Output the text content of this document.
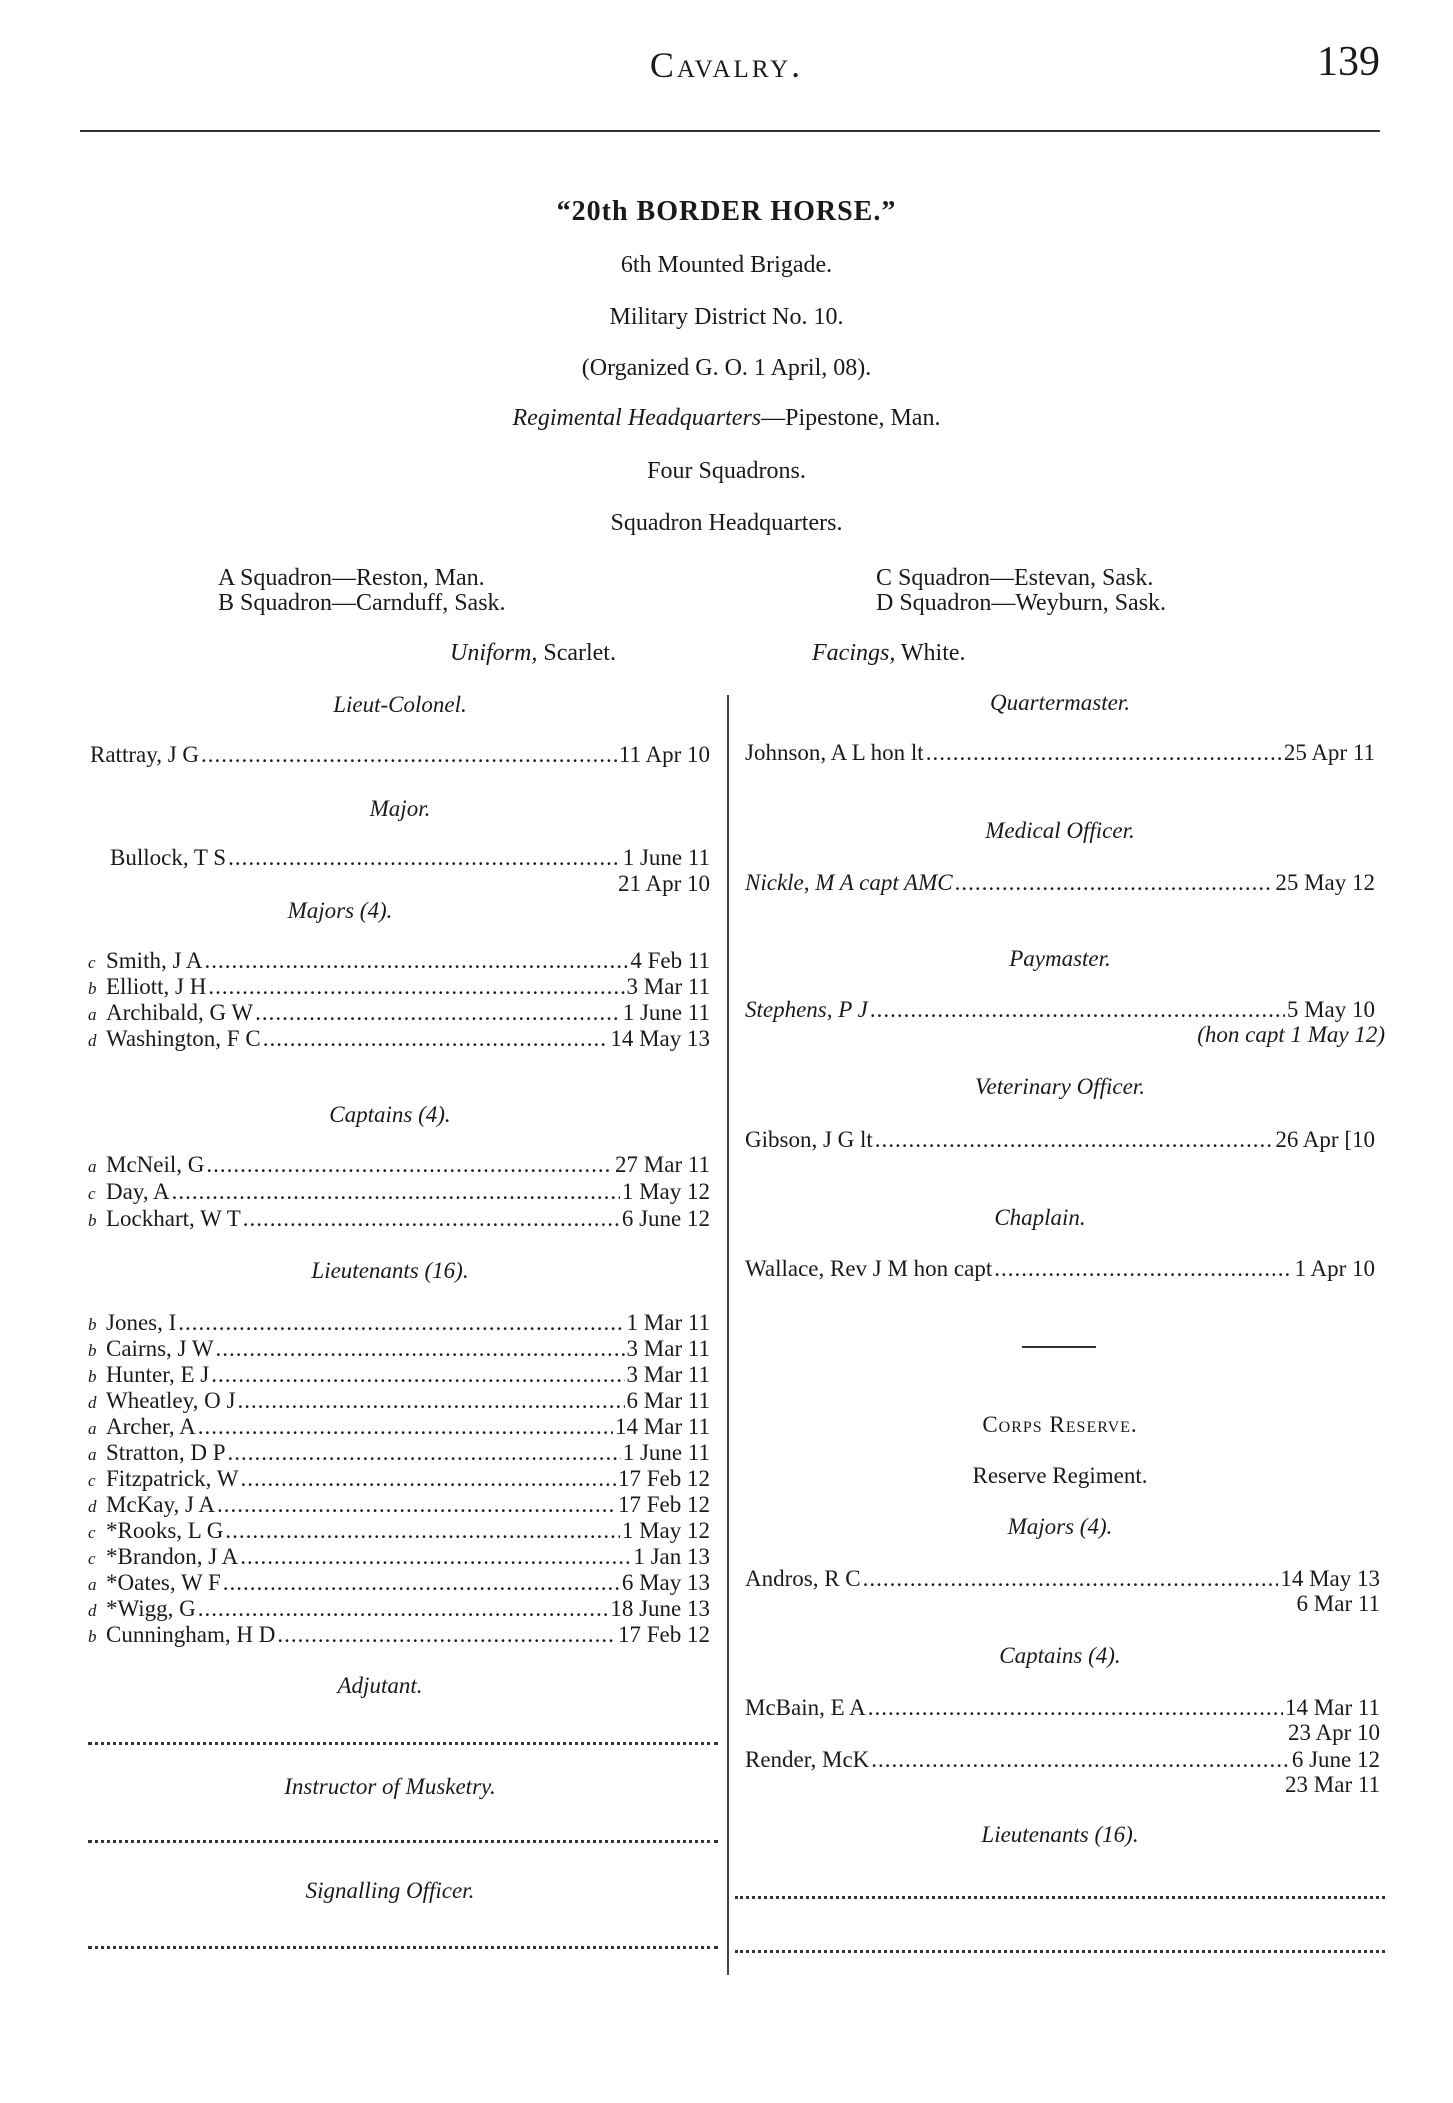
Cavalry.	139
“20th BORDER HORSE.”
6th Mounted Brigade.
Military District No. 10.
(Organized G. O. 1 April, 08).
Regimental Headquarters—Pipestone, Man.
Four Squadrons.
Squadron Headquarters.
A Squadron—Reston, Man.
B Squadron—Carnduff, Sask.
C Squadron—Estevan, Sask.
D Squadron—Weyburn, Sask.
Uniform, Scarlet.	Facings, White.
Lieut-Colonel.
Rattray, J G .....	11 Apr 10
Major.
Bullock, T S .....	1 June 11
21 Apr 10
Majors (4).
c Smith, J A .....	4 Feb 11
b Elliott, J H .....	3 Mar 11
a Archibald, G W .....	1 June 11
d Washington, F C .....	14 May 13
Captains (4).
a McNeil, G .....	27 Mar 11
c Day, A .....	1 May 12
b Lockhart, W T .....	6 June 12
Lieutenants (16).
b Jones, I .....	1 Mar 11
b Cairns, J W .....	3 Mar 11
b Hunter, E J .....	3 Mar 11
d Wheatley, O J .....	6 Mar 11
a Archer, A .....	14 Mar 11
a Stratton, D P .....	1 June 11
c Fitzpatrick, W .....	17 Feb 12
d McKay, J A .....	17 Feb 12
c *Rooks, L G .....	1 May 12
c *Brandon, J A .....	1 Jan 13
a *Oates, W F .....	6 May 13
d *Wigg, G .....	18 June 13
b Cunningham, H D .....	17 Feb 12
Adjutant.
Instructor of Musketry.
Signalling Officer.
Quartermaster.
Johnson, A L hon lt .....	25 Apr 11
Medical Officer.
Nickle, M A capt AMC .....	25 May 12
Paymaster.
Stephens, P J .....	5 May 10
(hon capt 1 May 12)
Veterinary Officer.
Gibson, J G lt .....	26 Apr [10
Chaplain.
Wallace, Rev J M hon capt .....	1 Apr 10
Corps Reserve.
Reserve Regiment.
Majors (4).
Andros, R C .....	14 May 13
6 Mar 11
Captains (4).
McBain, E A .....	14 Mar 11
23 Apr 10
Render, McK .....	6 June 12
23 Mar 11
Lieutenants (16).
